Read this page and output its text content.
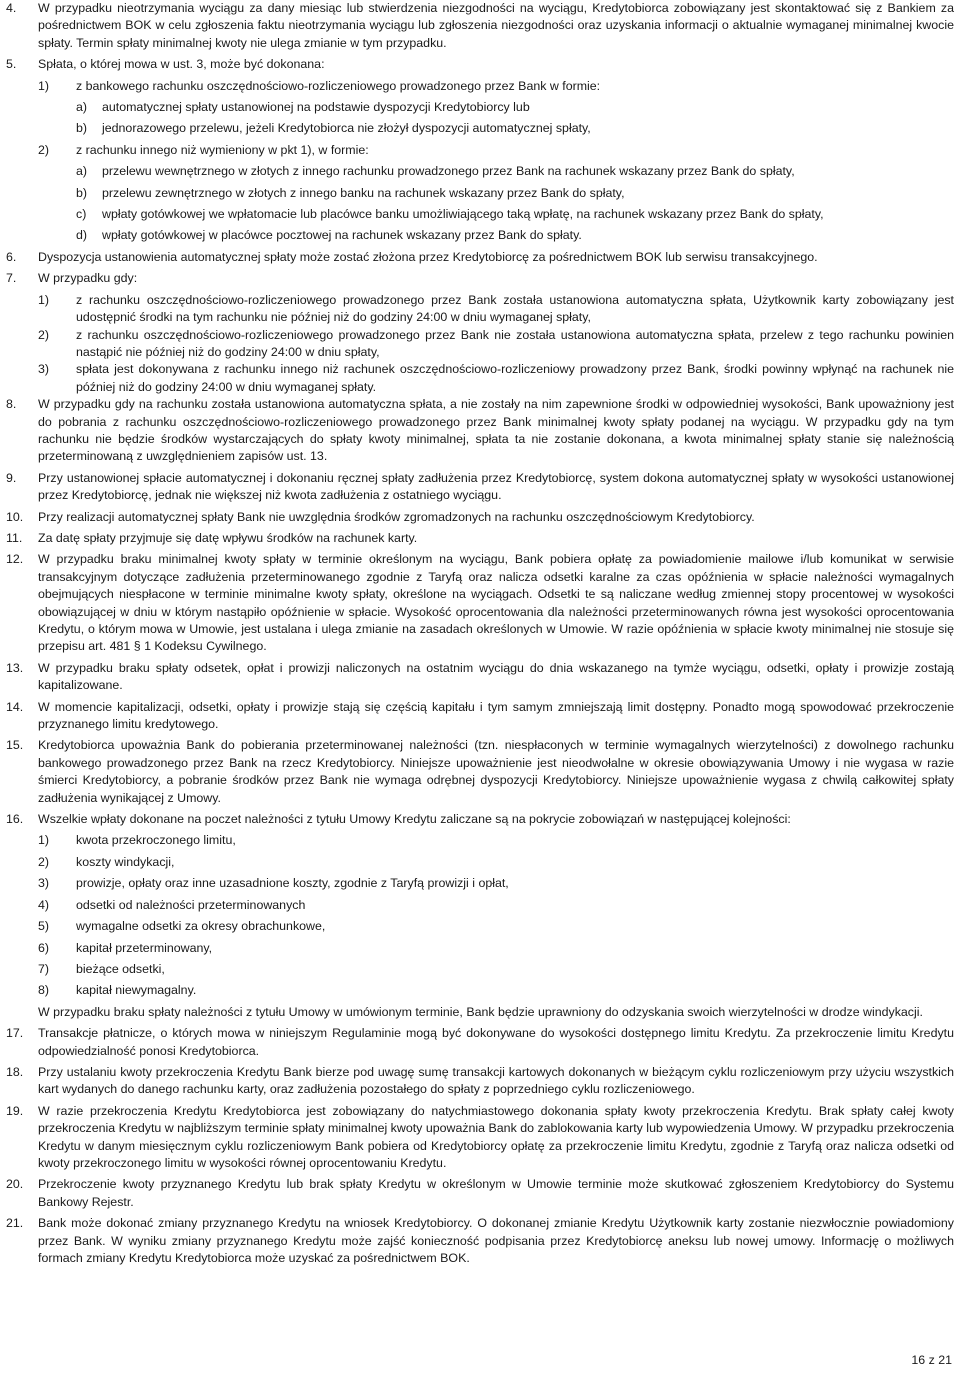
4.	W przypadku nieotrzymania wyciągu za dany miesiąc lub stwierdzenia niezgodności na wyciągu, Kredytobiorca zobowiązany jest skontaktować się z Bankiem za pośrednictwem BOK w celu zgłoszenia faktu nieotrzymania wyciągu lub zgłoszenia niezgodności oraz uzyskania informacji o aktualnie wymaganej minimalnej kwocie spłaty. Termin spłaty minimalnej kwoty nie ulega zmianie w tym przypadku.
5.	Spłata, o której mowa w ust. 3, może być dokonana:
1)	z bankowego rachunku oszczędnościowo-rozliczeniowego prowadzonego przez Bank w formie:
a)	automatycznej spłaty ustanowionej na podstawie dyspozycji Kredytobiorcy lub
b)	jednorazowego przelewu, jeżeli Kredytobiorca nie złożył dyspozycji automatycznej spłaty,
2)	z rachunku innego niż wymieniony w pkt 1), w formie:
a)	przelewu wewnętrznego w złotych z innego rachunku prowadzonego przez Bank na rachunek wskazany przez Bank do spłaty,
b)	przelewu zewnętrznego w złotych z innego banku na rachunek wskazany przez Bank do spłaty,
c)	wpłaty gotówkowej we wpłatomacie lub placówce banku umożliwiającego taką wpłatę, na rachunek wskazany przez Bank do spłaty,
d)	wpłaty gotówkowej w placówce pocztowej na rachunek wskazany przez Bank do spłaty.
6.	Dyspozycja ustanowienia automatycznej spłaty może zostać złożona przez Kredytobiorcę za pośrednictwem BOK lub serwisu transakcyjnego.
7.	W przypadku gdy:
1)	z rachunku oszczędnościowo-rozliczeniowego prowadzonego przez Bank została ustanowiona automatyczna spłata, Użytkownik karty zobowiązany jest udostępnić środki na tym rachunku nie później niż do godziny 24:00 w dniu wymaganej spłaty,
2)	z rachunku oszczędnościowo-rozliczeniowego prowadzonego przez Bank nie została ustanowiona automatyczna spłata, przelew z tego rachunku powinien nastąpić nie później niż do godziny 24:00 w dniu spłaty,
3)	spłata jest dokonywana z rachunku innego niż rachunek oszczędnościowo-rozliczeniowy prowadzony przez Bank, środki powinny wpłynąć na rachunek nie później niż do godziny 24:00 w dniu wymaganej spłaty.
8.	W przypadku gdy na rachunku została ustanowiona automatyczna spłata, a nie zostały na nim zapewnione środki w odpowiedniej wysokości, Bank upoważniony jest do pobrania z rachunku oszczędnościowo-rozliczeniowego prowadzonego przez Bank minimalnej kwoty spłaty podanej na wyciągu. W przypadku gdy na tym rachunku nie będzie środków wystarczających do spłaty kwoty minimalnej, spłata ta nie zostanie dokonana, a kwota minimalnej spłaty stanie się należnością przeterminowaną z uwzględnieniem zapisów ust. 13.
9.	Przy ustanowionej spłacie automatycznej i dokonaniu ręcznej spłaty zadłużenia przez Kredytobiorcę, system dokona automatycznej spłaty w wysokości ustanowionej przez Kredytobiorcę, jednak nie większej niż kwota zadłużenia z ostatniego wyciągu.
10.	Przy realizacji automatycznej spłaty Bank nie uwzględnia środków zgromadzonych na rachunku oszczędnościowym Kredytobiorcy.
11.	Za datę spłaty przyjmuje się datę wpływu środków na rachunek karty.
12.	W przypadku braku minimalnej kwoty spłaty w terminie określonym na wyciągu, Bank pobiera opłatę za powiadomienie mailowe i/lub komunikat w serwisie transakcyjnym dotyczące zadłużenia przeterminowanego zgodnie z Taryfą oraz nalicza odsetki karalne za czas opóźnienia w spłacie należności wymagalnych obejmujących niespłacone w terminie minimalne kwoty spłaty, określone na wyciągach. Odsetki te są naliczane według zmiennej stopy procentowej w wysokości obowiązującej w dniu w którym nastąpiło opóźnienie w spłacie. Wysokość oprocentowania dla należności przeterminowanych równa jest wysokości oprocentowania Kredytu, o którym mowa w Umowie, jest ustalana i ulega zmianie na zasadach określonych w Umowie. W razie opóźnienia w spłacie kwoty minimalnej nie stosuje się przepisu art. 481 § 1 Kodeksu Cywilnego.
13.	W przypadku braku spłaty odsetek, opłat i prowizji naliczonych na ostatnim wyciągu do dnia wskazanego na tymże wyciągu, odsetki, opłaty i prowizje zostają kapitalizowane.
14.	W momencie kapitalizacji, odsetki, opłaty i prowizje stają się częścią kapitału i tym samym zmniejszają limit dostępny. Ponadto mogą spowodować przekroczenie przyznanego limitu kredytowego.
15.	Kredytobiorca upoważnia Bank do pobierania przeterminowanej należności (tzn. niespłaconych w terminie wymagalnych wierzytelności) z dowolnego rachunku bankowego prowadzonego przez Bank na rzecz Kredytobiorcy. Niniejsze upoważnienie jest nieodwołalne w okresie obowiązywania Umowy i nie wygasa w razie śmierci Kredytobiorcy, a pobranie środków przez Bank nie wymaga odrębnej dyspozycji Kredytobiorcy. Niniejsze upoważnienie wygasa z chwilą całkowitej spłaty zadłużenia wynikającej z Umowy.
16.	Wszelkie wpłaty dokonane na poczet należności z tytułu Umowy Kredytu zaliczane są na pokrycie zobowiązań w następującej kolejności:
1)	kwota przekroczonego limitu,
2)	koszty windykacji,
3)	prowizje, opłaty oraz inne uzasadnione koszty, zgodnie z Taryfą prowizji i opłat,
4)	odsetki od należności przeterminowanych
5)	wymagalne odsetki za okresy obrachunkowe,
6)	kapitał przeterminowany,
7)	bieżące odsetki,
8)	kapitał niewymagalny.
W przypadku braku spłaty należności z tytułu Umowy w umówionym terminie, Bank będzie uprawniony do odzyskania swoich wierzytelności w drodze windykacji.
17.	Transakcje płatnicze, o których mowa w niniejszym Regulaminie mogą być dokonywane do wysokości dostępnego limitu Kredytu. Za przekroczenie limitu Kredytu odpowiedzialność ponosi Kredytobiorca.
18.	Przy ustalaniu kwoty przekroczenia Kredytu Bank bierze pod uwagę sumę transakcji kartowych dokonanych w bieżącym cyklu rozliczeniowym przy użyciu wszystkich kart wydanych do danego rachunku karty, oraz zadłużenia pozostałego do spłaty z poprzedniego cyklu rozliczeniowego.
19.	W razie przekroczenia Kredytu Kredytobiorca jest zobowiązany do natychmiastowego dokonania spłaty kwoty przekroczenia Kredytu. Brak spłaty całej kwoty przekroczenia Kredytu w najbliższym terminie spłaty minimalnej kwoty upoważnia Bank do zablokowania karty lub wypowiedzenia Umowy. W przypadku przekroczenia Kredytu w danym miesięcznym cyklu rozliczeniowym Bank pobiera od Kredytobiorcy opłatę za przekroczenie limitu Kredytu, zgodnie z Taryfą oraz nalicza odsetki od kwoty przekroczonego limitu w wysokości równej oprocentowaniu Kredytu.
20.	Przekroczenie kwoty przyznanego Kredytu lub brak spłaty Kredytu w określonym w Umowie terminie może skutkować zgłoszeniem Kredytobiorcy do Systemu Bankowy Rejestr.
21.	Bank może dokonać zmiany przyznanego Kredytu na wniosek Kredytobiorcy. O dokonanej zmianie Kredytu Użytkownik karty zostanie niezwłocznie powiadomiony przez Bank. W wyniku zmiany przyznanego Kredytu może zajść konieczność podpisania przez Kredytobiorcę aneksu lub nowej umowy. Informację o możliwych formach zmiany Kredytu Kredytobiorca może uzyskać za pośrednictwem BOK.
16 z 21
